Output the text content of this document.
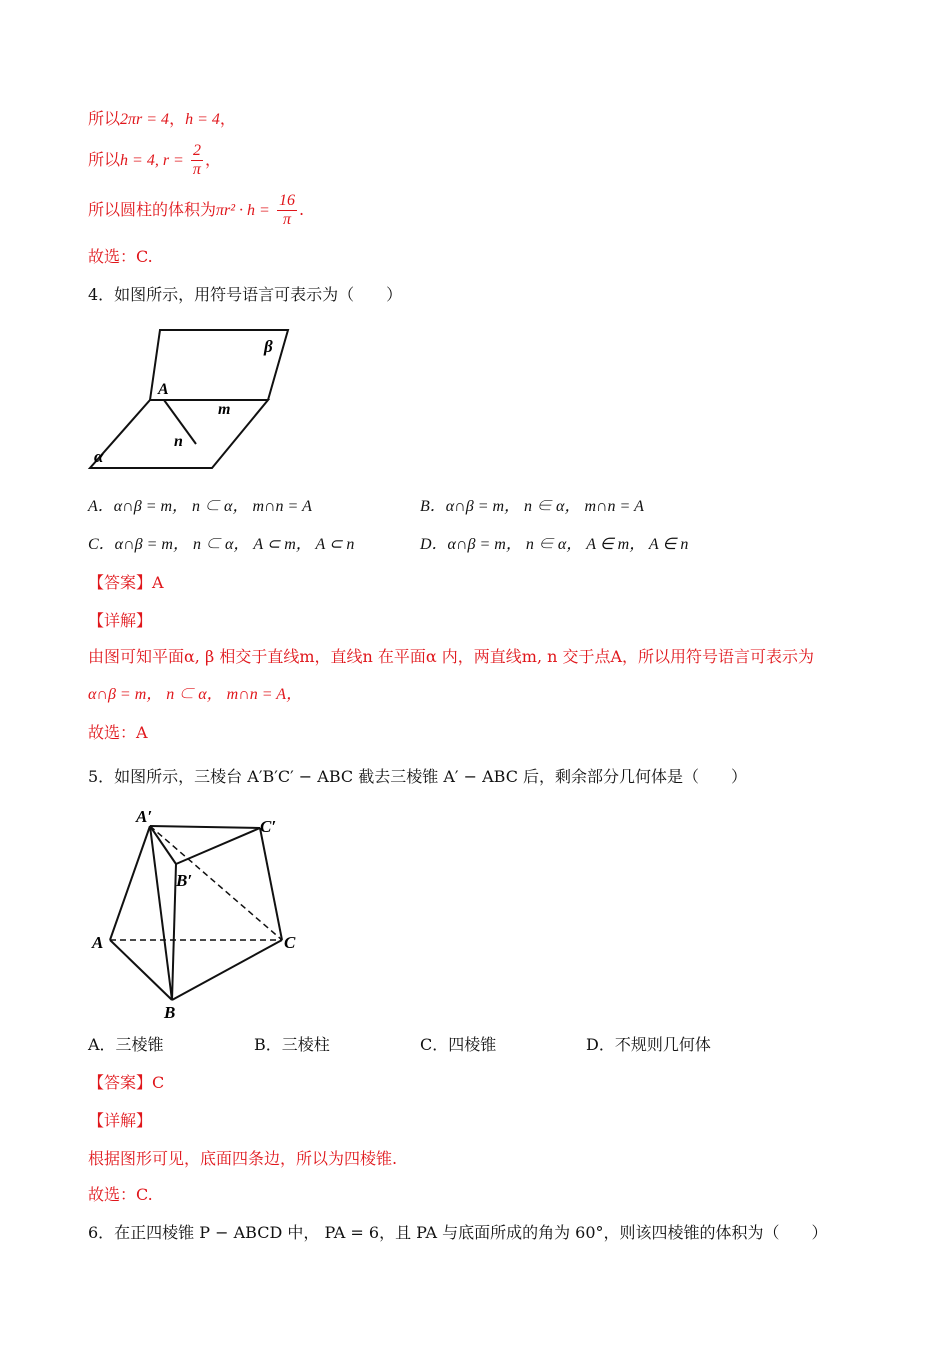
所以2πr = 4，h = 4，
所以h = 4, $r = \frac{2}{\pi}$ ，
所以圆柱的体积为$\pi r^2 \cdot h = \frac{16}{\pi}$ .
故选：C.
4．如图所示，用符号语言可表示为（　　）
β
A
m
n
α
A．α∩β = m， n ⊂ α， m∩n = A	B．α∩β = m， n ∈ α， m∩n = A
C．α∩β = m， n ⊂ α， A ⊂ m， A ⊂ n	D．α∩β = m， n ∈ α， A ∈ m， A ∈ n
【答案】A
【详解】
由图可知平面α, β 相交于直线m，直线n 在平面α 内，两直线m, n 交于点A，所以用符号语言可表示为
α∩β = m， n ⊂ α， m∩n = A，
故选：A
5．如图所示，三棱台 A′B′C′ − ABC 截去三棱锥 A′ − ABC 后，剩余部分几何体是（　　）
A′
C′
B′
A	C
B
A．三棱锥	B．三棱柱	C．四棱锥	D．不规则几何体
【答案】C
【详解】
根据图形可见，底面四条边，所以为四棱锥.
故选：C.
6．在正四棱锥 P − ABCD 中， PA = 6，且 PA 与底面所成的角为 60°，则该四棱锥的体积为（　　）
